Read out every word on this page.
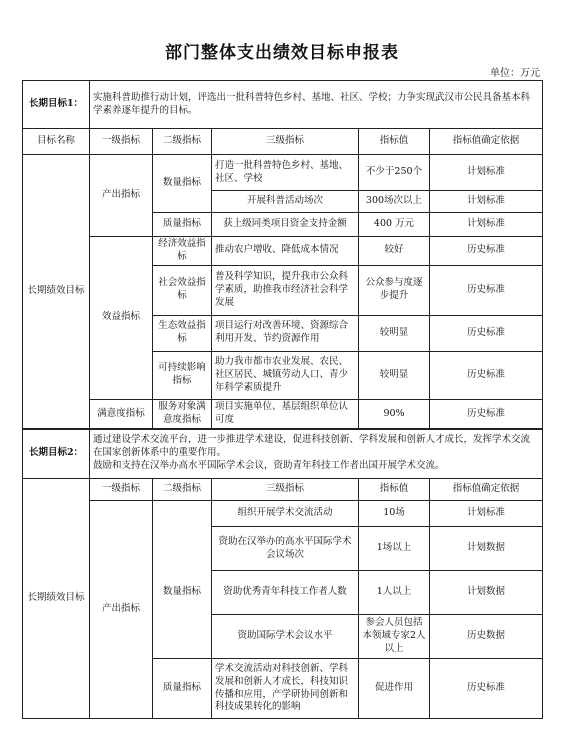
部门整体支出绩效目标申报表
单位：万元
长期目标1：	实施科普助推行动计划，评选出一批科普特色乡村、基地、社区、学校；力争实现武汉市公民具备基本科学素养逐年提升的目标。				
目标名称	一级指标	二级指标	三级指标	指标值	指标值确定依据
长期绩效目标	产出指标	数量指标	打造一批科普特色乡村、基地、社区、学校	不少于250个	计划标准
			开展科普活动场次	300场次以上	计划标准
		质量指标	获上级同类项目资金支持金额	400 万元	计划标准
	效益指标	经济效益指标	推动农户增收、降低成本情况	较好	历史标准
		社会效益指标	普及科学知识，提升我市公众科学素质，助推我市经济社会科学发展	公众参与度逐步提升	历史标准
		生态效益指标	项目运行对改善环境、资源综合利用开发、节约资源作用	较明显	历史标准
		可持续影响指标	助力我市都市农业发展、农民、社区居民、城镇劳动人口、青少年科学素质提升	较明显	历史标准
	满意度指标	服务对象满意度指标	项目实施单位、基层组织单位认可度	90%	历史标准
长期目标2：	通过建设学术交流平台，进一步推进学术建设，促进科技创新、学科发展和创新人才成长，发挥学术交流在国家创新体系中的重要作用。
鼓励和支持在汉举办高水平国际学术会议，资助青年科技工作者出国开展学术交流。				
长期绩效目标	一级指标	二级指标	三级指标	指标值	指标值确定依据
	产出指标		组织开展学术交流活动	10场	计划标准
		数量指标	资助在汉举办的高水平国际学术会议场次	1场以上	计划数据
			资助优秀青年科技工作者人数	1人以上	计划数据
			资助国际学术会议水平	参会人员包括本领域专家2人以上	历史数据
		质量指标	学术交流活动对科技创新、学科发展和创新人才成长，科技知识传播和应用，产学研协同创新和科技成果转化的影响	促进作用	历史标准
